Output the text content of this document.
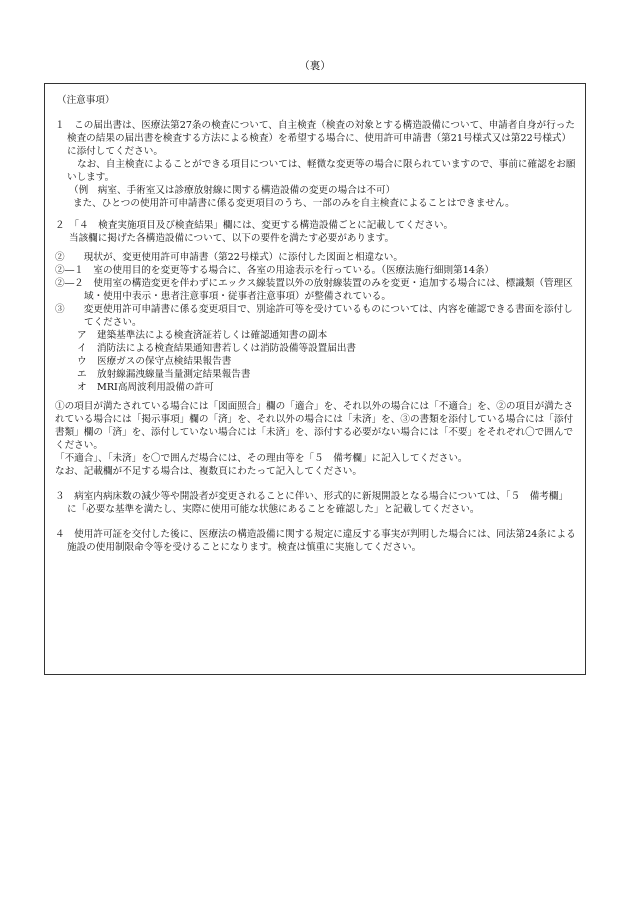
（裏）
（注意事項）
１　この届出書は、医療法第27条の検査について、自主検査（検査の対象とする構造設備について、申請者自身が行った検査の結果の届出書を検査する方法による検査）を希望する場合に、使用許可申請書（第21号様式又は第22号様式）に添付してください。
なお、自主検査によることができる項目については、軽微な変更等の場合に限られていますので、事前に確認をお願いします。
（例　病室、手術室又は診療放射線に関する構造設備の変更の場合は不可）
また、ひとつの使用許可申請書に係る変更項目のうち、一部のみを自主検査によることはできません。
２　「４　検査実施項目及び検査結果」欄には、変更する構造設備ごとに記載してください。
当該欄に掲げた各構造設備について、以下の要件を満たす必要があります。
②　　現状が、変更使用許可申請書（第22号様式）に添付した図面と相違ない。
②―１　室の使用目的を変更等する場合に、各室の用途表示を行っている。（医療法施行細則第14条）
②―２　使用室の構造変更を伴わずにエックス線装置以外の放射線装置のみを変更・追加する場合には、標識類（管理区域・使用中表示・患者注意事項・従事者注意事項）が整備されている。
③　　変更使用許可申請書に係る変更項目で、別途許可等を受けているものについては、内容を確認できる書面を添付してください。
ア 建築基準法による検査済証若しくは確認通知書の副本
イ 消防法による検査結果通知書若しくは消防設備等設置届出書
ウ 医療ガスの保守点検結果報告書
エ 放射線漏洩線量当量測定結果報告書
オ MRI高周波利用設備の許可
①の項目が満たされている場合には「図面照合」欄の「適合」を、それ以外の場合には「不適合」を、②の項目が満たされている場合には「掲示事項」欄の「済」を、それ以外の場合には「未済」を、③の書類を添付している場合には「添付書類」欄の「済」を、添付していない場合には「未済」を、添付する必要がない場合には「不要」をそれぞれ〇で囲んでください。
「不適合」、「未済」を〇で囲んだ場合には、その理由等を「５　備考欄」に記入してください。
なお、記載欄が不足する場合は、複数頁にわたって記入してください。
３　病室内病床数の減少等や開設者が変更されることに伴い、形式的に新規開設となる場合については、「５　備考欄」に「必要な基準を満たし、実際に使用可能な状態にあることを確認した」と記載してください。
４　使用許可証を交付した後に、医療法の構造設備に関する規定に違反する事実が判明した場合には、同法第24条による施設の使用制限命令等を受けることになります。検査は慎重に実施してください。
